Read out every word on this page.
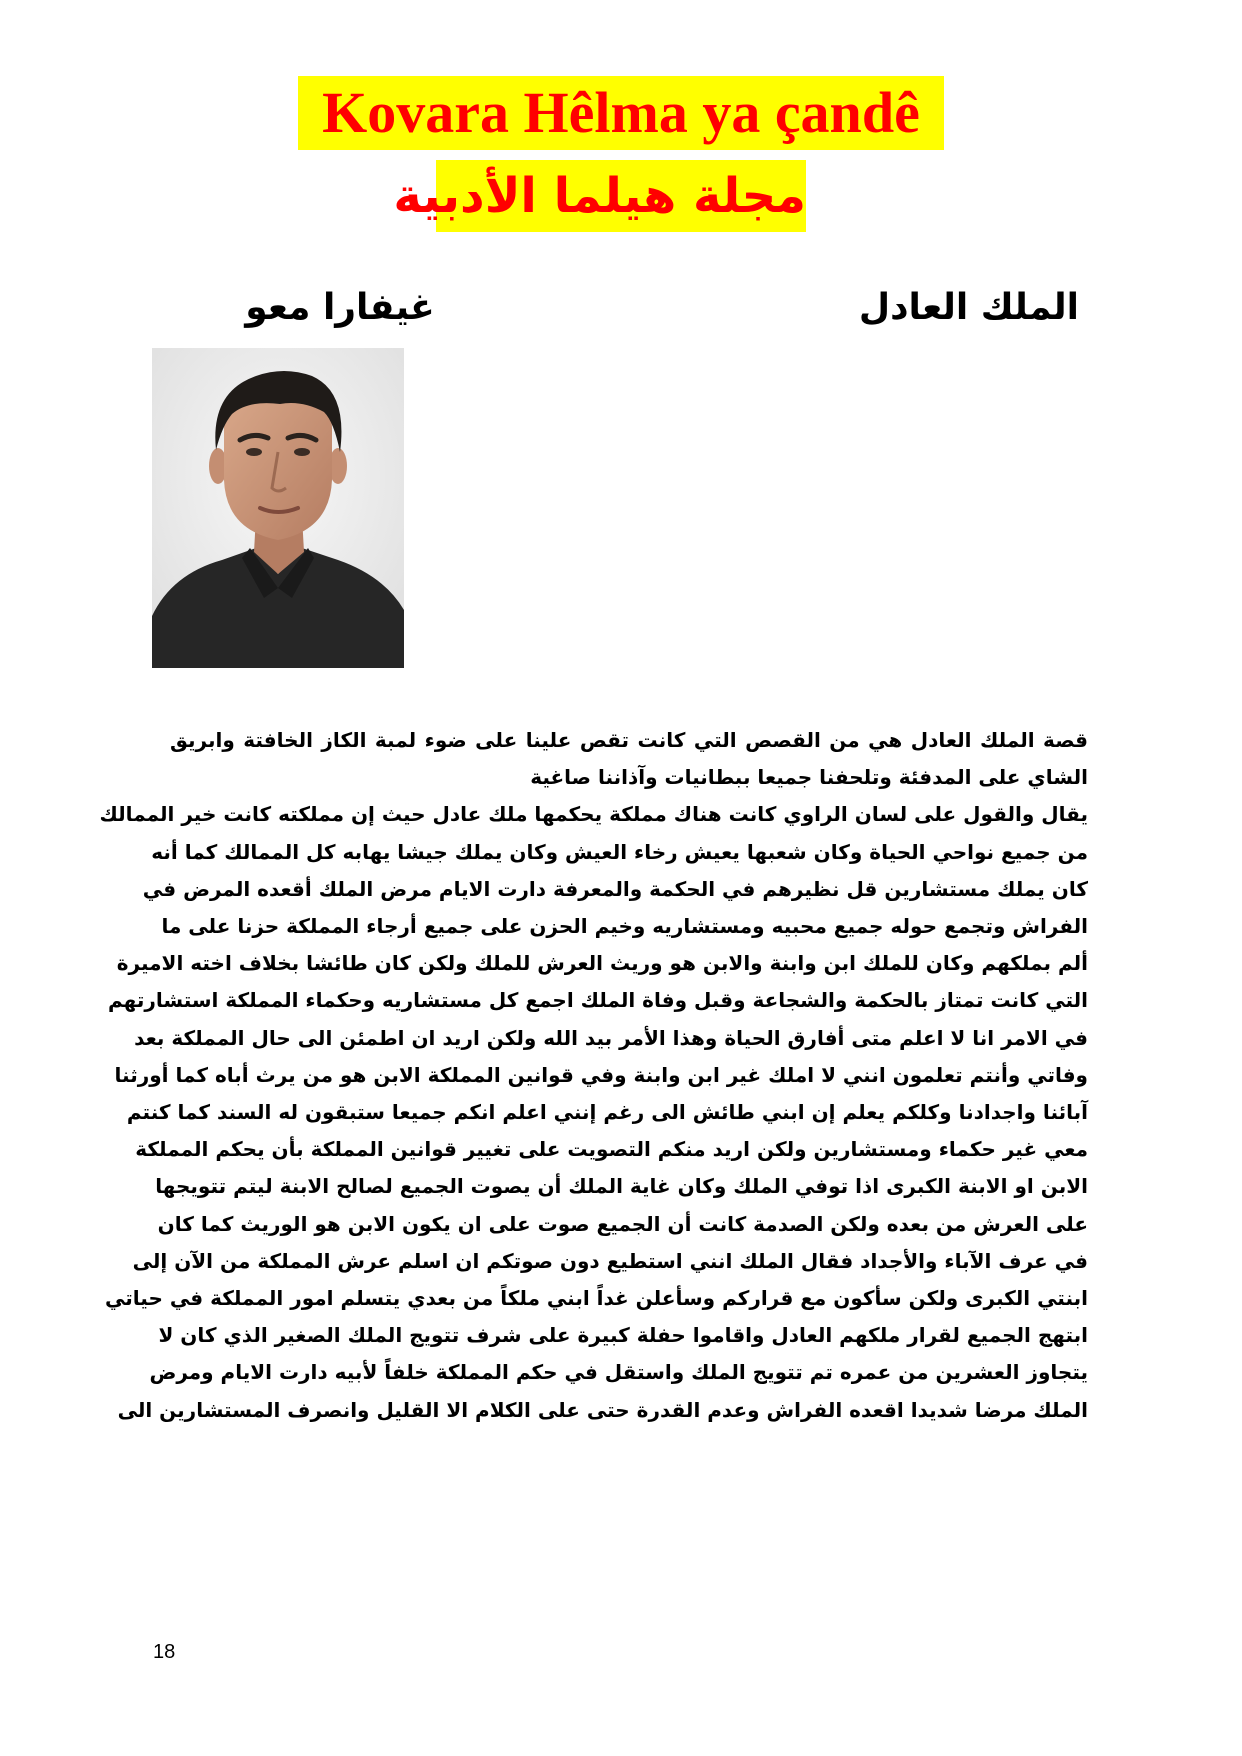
Kovara Hêlma ya çandê
مجلة هيلما الأدبية
الملك العادل
غيفارا معو
قصة الملك العادل هي من القصص التي كانت تقص علينا على ضوء لمبة الكاز الخافتة وابريق
الشاي على المدفئة وتلحفنا جميعا ببطانيات وآذاننا صاغية
يقال والقول على لسان الراوي كانت هناك مملكة يحكمها ملك عادل حيث إن مملكته كانت خير الممالك
من جميع نواحي الحياة وكان شعبها يعيش رخاء العيش وكان يملك جيشا يهابه كل الممالك كما أنه
كان يملك مستشارين قل نظيرهم في الحكمة والمعرفة دارت الايام مرض الملك أقعده المرض في
الفراش وتجمع حوله جميع محبيه ومستشاريه وخيم الحزن على جميع أرجاء المملكة حزنا على ما
ألم بملكهم وكان للملك ابن وابنة والابن هو وريث العرش للملك ولكن كان طائشا بخلاف اخته الاميرة
التي كانت تمتاز بالحكمة والشجاعة وقبل وفاة الملك اجمع كل مستشاريه وحكماء المملكة استشارتهم
في الامر انا لا اعلم متى أفارق الحياة وهذا الأمر بيد الله ولكن اريد ان اطمئن الى حال المملكة بعد
وفاتي وأنتم تعلمون انني لا املك غير ابن وابنة وفي قوانين المملكة الابن هو من يرث أباه كما أورثنا
آبائنا واجدادنا وكلكم يعلم إن ابني طائش الى رغم إنني اعلم انكم جميعا ستبقون له السند كما كنتم
معي غير حكماء ومستشارين ولكن اريد منكم التصويت على تغيير قوانين المملكة بأن يحكم المملكة
الابن او الابنة الكبرى اذا توفي الملك وكان غاية الملك أن يصوت الجميع لصالح الابنة ليتم تتويجها
على العرش من بعده ولكن الصدمة كانت أن الجميع صوت على ان يكون الابن هو الوريث كما كان
في عرف الآباء والأجداد فقال الملك انني استطيع دون صوتكم ان اسلم عرش المملكة من الآن إلى
ابنتي الكبرى ولكن سأكون مع قراركم وسأعلن غداً ابني ملكاً من بعدي يتسلم امور المملكة في حياتي
ابتهج الجميع لقرار ملكهم العادل واقاموا حفلة كبيرة على شرف تتويج الملك الصغير الذي كان لا
يتجاوز العشرين من عمره تم تتويج الملك واستقل في حكم المملكة خلفاً لأبيه دارت الايام ومرض
الملك مرضا شديدا اقعده الفراش وعدم القدرة حتى على الكلام الا القليل وانصرف المستشارين الى
18
